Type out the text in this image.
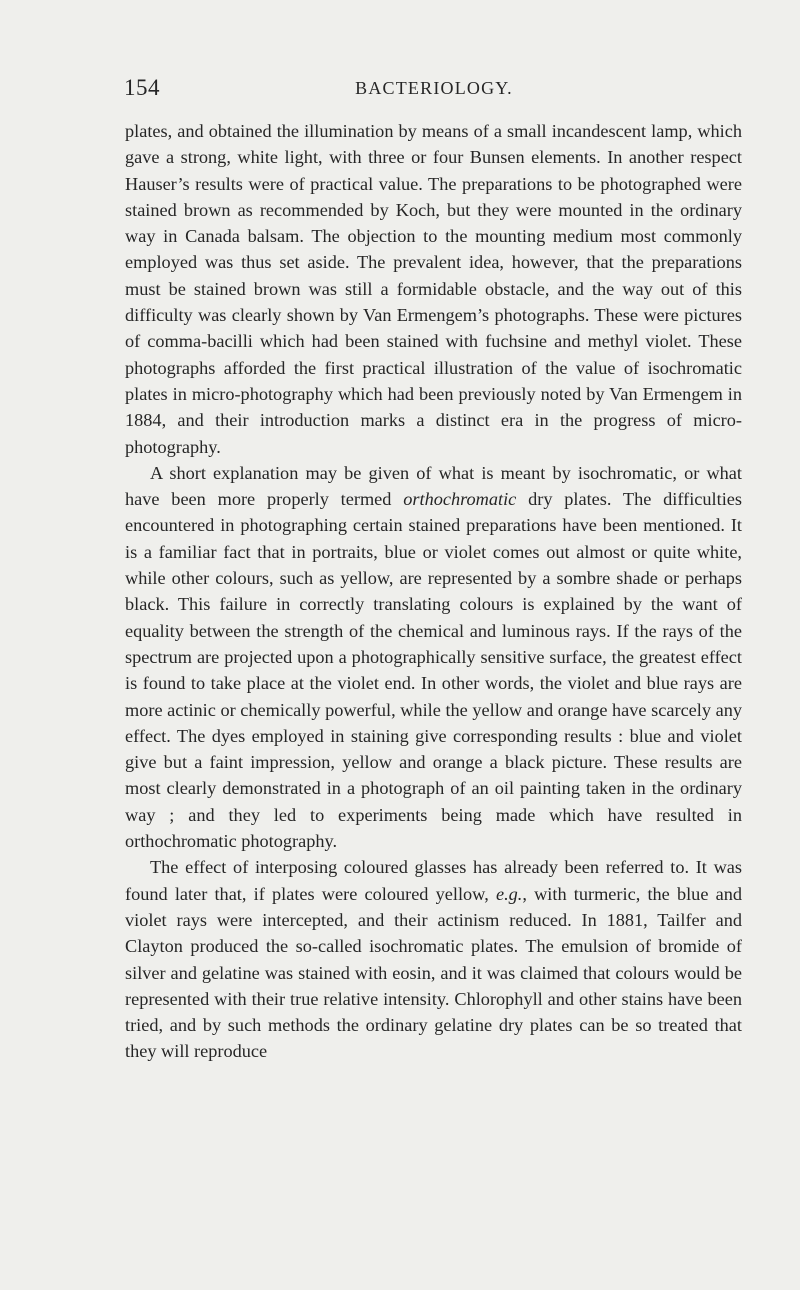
154	BACTERIOLOGY.

plates, and obtained the illumination by means of a small incandescent lamp, which gave a strong, white light, with three or four Bunsen elements. In another respect Hauser’s results were of practical value. The preparations to be photographed were stained brown as recommended by Koch, but they were mounted in the ordinary way in Canada balsam. The objection to the mounting medium most commonly employed was thus set aside. The prevalent idea, however, that the preparations must be stained brown was still a formidable obstacle, and the way out of this difficulty was clearly shown by Van Ermengem’s photographs. These were pictures of comma-bacilli which had been stained with fuchsine and methyl violet. These photographs afforded the first practical illustration of the value of isochromatic plates in micro-photography which had been previously noted by Van Ermengem in 1884, and their introduction marks a distinct era in the progress of micro-photography.

A short explanation may be given of what is meant by isochromatic, or what have been more properly termed orthochromatic dry plates. The difficulties encountered in photographing certain stained preparations have been mentioned. It is a familiar fact that in portraits, blue or violet comes out almost or quite white, while other colours, such as yellow, are represented by a sombre shade or perhaps black. This failure in correctly translating colours is explained by the want of equality between the strength of the chemical and luminous rays. If the rays of the spectrum are projected upon a photographically sensitive surface, the greatest effect is found to take place at the violet end. In other words, the violet and blue rays are more actinic or chemically powerful, while the yellow and orange have scarcely any effect. The dyes employed in staining give corresponding results : blue and violet give but a faint impression, yellow and orange a black picture. These results are most clearly demonstrated in a photograph of an oil painting taken in the ordinary way ; and they led to experiments being made which have resulted in orthochromatic photography.

The effect of interposing coloured glasses has already been referred to. It was found later that, if plates were coloured yellow, e.g., with turmeric, the blue and violet rays were intercepted, and their actinism reduced. In 1881, Tailfer and Clayton produced the so-called isochromatic plates. The emulsion of bromide of silver and gelatine was stained with eosin, and it was claimed that colours would be represented with their true relative intensity. Chlorophyll and other stains have been tried, and by such methods the ordinary gelatine dry plates can be so treated that they will reproduce
